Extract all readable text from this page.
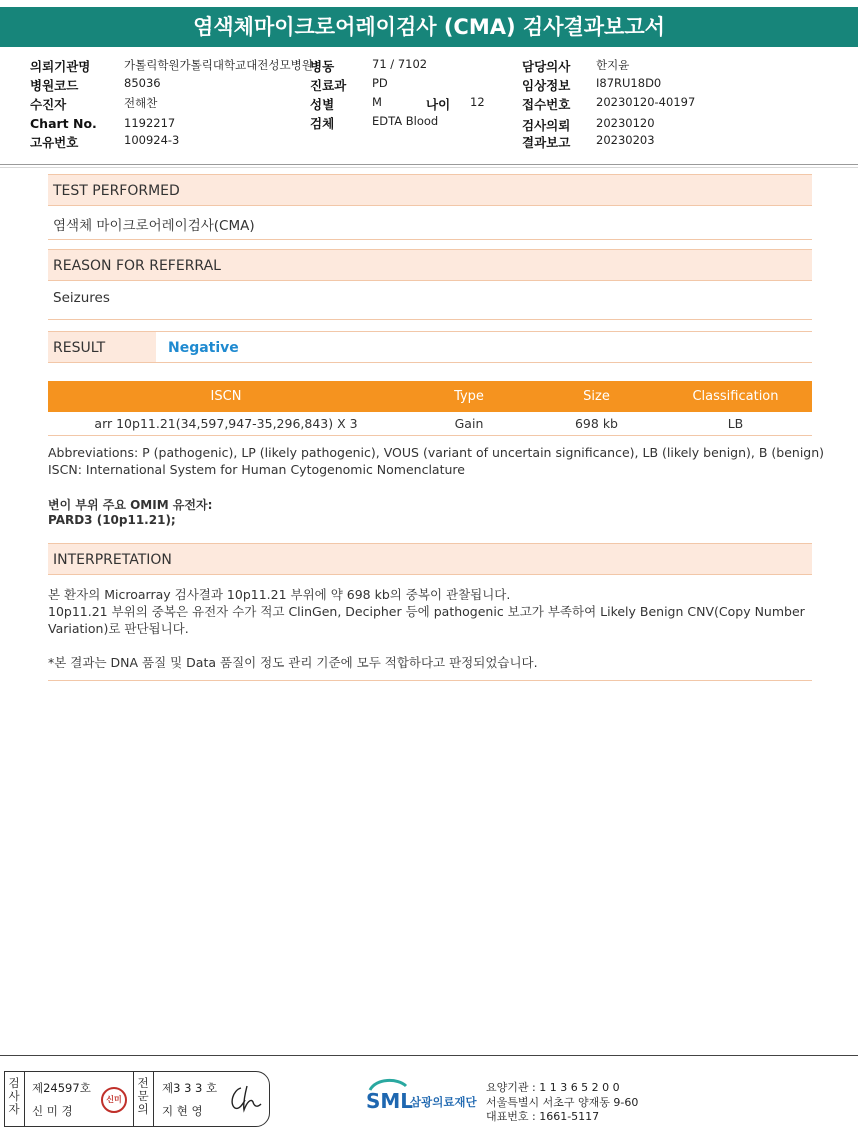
염색체마이크로어레이검사 (CMA) 검사결과보고서
의뢰기관명	가톨릭학원가톨릭대학교대전성모병원
병원코드	85036
수진자	전해찬
Chart No. 1192217
고유번호	100924-3
병동	71 / 7102
진료과 PD
성별	M	나이 12
검체	EDTA Blood
담당의사 한지윤
임상정보 I87RU18D0
접수번호 20230120-40197
검사의뢰 20230120
결과보고 20230203
TEST PERFORMED
염색체 마이크로어레이검사(CMA)
REASON FOR REFERRAL
Seizures
RESULT	Negative
ISCN	Type	Size	Classification
arr 10p11.21(34,597,947-35,296,843) X 3	Gain	698 kb	LB
Abbreviations: P (pathogenic), LP (likely pathogenic), VOUS (variant of uncertain significance), LB (likely benign), B (benign)
ISCN: International System for Human Cytogenomic Nomenclature
변이 부위 주요 OMIM 유전자:
PARD3 (10p11.21);
INTERPRETATION
본 환자의 Microarray 검사결과 10p11.21 부위에 약 698 kb의 중복이 관찰됩니다.
10p11.21 부위의 중복은 유전자 수가 적고 ClinGen, Decipher 등에 pathogenic 보고가 부족하여 Likely Benign CNV(Copy Number
Variation)로 판단됩니다.
*본 결과는 DNA 품질 및 Data 품질이 정도 관리 기준에 모두 적합하다고 판정되었습니다.
검
사
자
제24597호
신 미 경
신미
전
문
의
제3 3 3 호
지 현 영	SML
삼광의료재단
요양기관 : 1 1 3 6 5 2 0 0
서울특별시 서초구 양재동 9-60
대표번호 : 1661-5117
